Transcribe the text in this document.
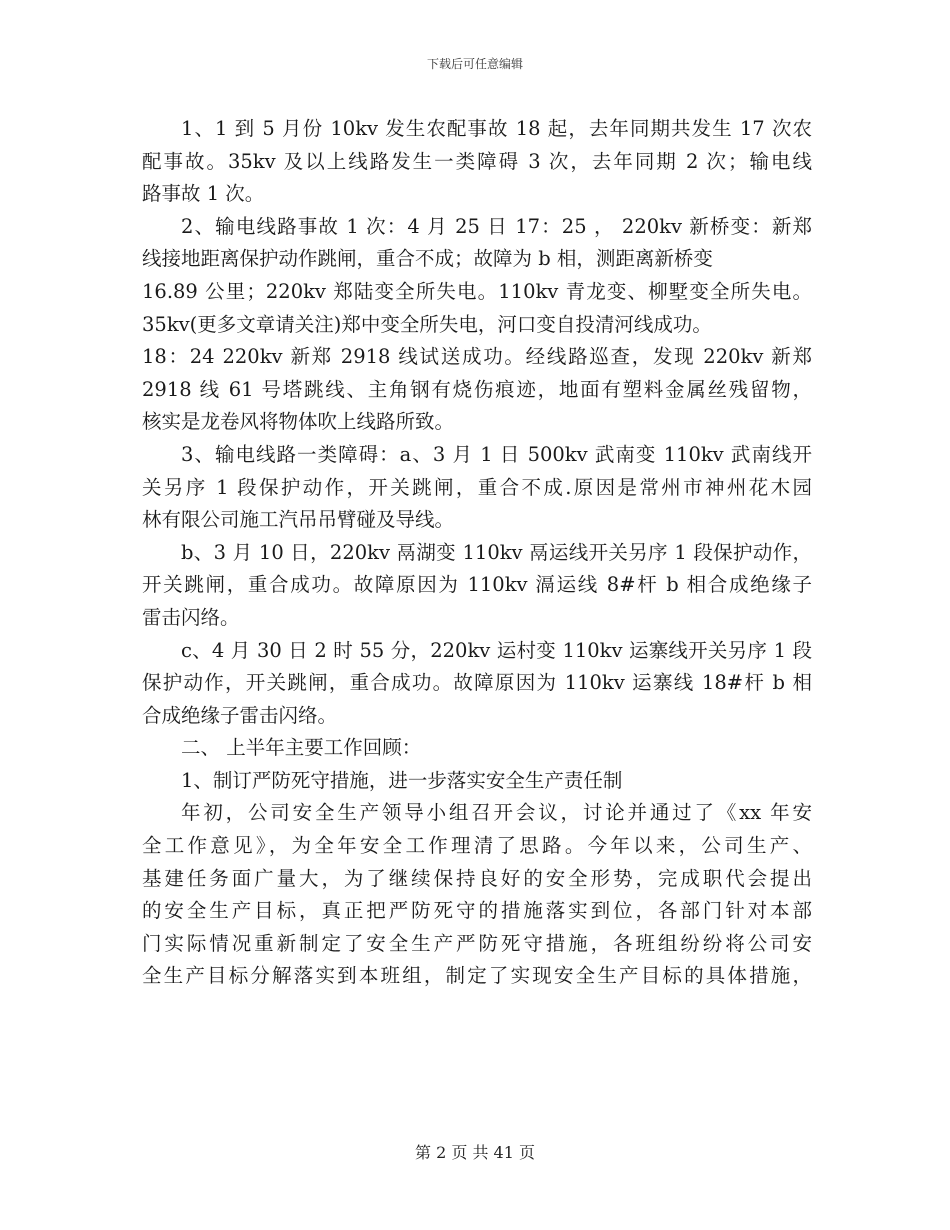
下载后可任意编辑
1、1 到 5 月份 10kv 发生农配事故 18 起，去年同期共发生 17 次农
配事故。35kv 及以上线路发生一类障碍 3 次，去年同期 2 次；输电线
路事故 1 次。
2、输电线路事故 1 次：4 月 25 日 17：25 ， 220kv 新桥变：新郑
线接地距离保护动作跳闸，重合不成；故障为 b 相，测距离新桥变
16.89 公里；220kv 郑陆变全所失电。110kv 青龙变、柳墅变全所失电。
35kv(更多文章请关注)郑中变全所失电，河口变自投清河线成功。
18：24 220kv 新郑 2918 线试送成功。经线路巡查，发现 220kv 新郑
2918 线 61 号塔跳线、主角钢有烧伤痕迹，地面有塑料金属丝残留物，
核实是龙卷风将物体吹上线路所致。
3、输电线路一类障碍：a、3 月 1 日 500kv 武南变 110kv 武南线开
关另序 1 段保护动作，开关跳闸，重合不成.原因是常州市神州花木园
林有限公司施工汽吊吊臂碰及导线。
b、3 月 10 日，220kv 鬲湖变 110kv 鬲运线开关另序 1 段保护动作，
开关跳闸，重合成功。故障原因为 110kv 滆运线 8#杆 b 相合成绝缘子
雷击闪络。
c、4 月 30 日 2 时 55 分，220kv 运村变 110kv 运寨线开关另序 1 段
保护动作，开关跳闸，重合成功。故障原因为 110kv 运寨线 18#杆 b 相
合成绝缘子雷击闪络。
二、 上半年主要工作回顾：
1、制订严防死守措施，进一步落实安全生产责任制
年初，公司安全生产领导小组召开会议，讨论并通过了《xx 年安
全工作意见》，为全年安全工作理清了思路。今年以来，公司生产、
基建任务面广量大，为了继续保持良好的安全形势，完成职代会提出
的安全生产目标，真正把严防死守的措施落实到位，各部门针对本部
门实际情况重新制定了安全生产严防死守措施，各班组纷纷将公司安
全生产目标分解落实到本班组，制定了实现安全生产目标的具体措施，
第 2 页 共 41 页
